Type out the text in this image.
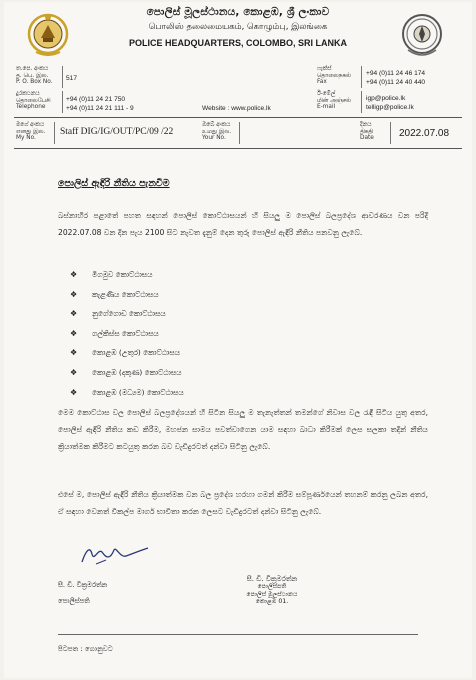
පොලිස් මූලස්ථානය, කොළඹ, ශ්‍රී ලංකාව
பொலிஸ் தலைமையகம், கொழும்பு, இலங்கை
POLICE HEADQUARTERS, COLOMBO, SRI LANKA
ත.පෙ. අංකය
த. பெ. இல.
P. O. Box No.
517
දුරකථනය
தொலைபேசி
Telephone
+94 (0)11 24 21 750
+94 (0)11 24 21 111 - 9	Website : www.police.lk
ෆැක්ස්
தொலைநகல்
Fax
+94 (0)11 24 46 174
+94 (0)11 24 40 440
ඊ-මේල්
மின் அஞ்சல்
E-mail
igp@police.lk
telligp@police.lk
මගේ අංකය
எனது இல.
My No.
Staff DIG/IG/OUT/PC/09 /22
ඔබේ අංකය
உமது இல.
Your No.
දිනය
திகதி
Date	2022.07.08
පොලිස් ඇඳිරි නීතිය පැනවීම
බස්නාහිර පළාතේ පහත සඳහන් පොලිස් කොට්ඨාසයන් හි සියලු ම පොලිස් බලප්‍රදේශ ආවරණය වන පරිදි 2022.07.08 වන දින පැය 2100 සිට නැවත දැනුම් දෙන තුරු පොලිස් ඇඳිරි නීතිය පනවනු ලැබේ.
❖ මීගමුව කොට්ඨාසය
❖ කැළණිය කොට්ඨාසය
❖ නුගේගොඩ කොට්ඨාසය
❖ ගල්කිස්ස කොට්ඨාසය
❖ කොළඹ (උතුර) කොට්ඨාසය
❖ කොළඹ (දකුණ) කොට්ඨාසය
❖ කොළඹ (මධ්‍යම) කොට්ඨාසය
මෙම කොට්ඨාස වල පොලිස් බලප්‍රදේශයන් හි සිටින සියලු ම තැනැත්තන් තමන්ගේ නිවාස වල රැඳී සිටිය යුතු අතර, පොලිස් ඇඳිරි නීතිය කඩ කිරීම, මහජන සාමය පවත්වාගෙන යාම සඳහා බාධා කිරීමක් ලෙස සලකා තදින් නීතිය ක්‍රියාත්මක කිරීමට කටයුතු කරන බව වැඩිදුරටත් දන්වා සිටිනු ලැබේ.
එසේ ම, පොලිස් ඇඳිරි නීතිය ක්‍රියාත්මක වන බල ප්‍රදේශ හරහා ගමන් කිරීම සම්පූර්ණයෙන් තහනම් කරනු ලබන අතර, ඒ සඳහා වෙනත් විකල්ප මාර්ග භාවිතා කරන ලෙසට වැඩිදුරටත් දන්වා සිටිනු ලැබේ.
සී. ඩී. වික්‍රමරත්න
පොලිස්පති
සී. ඩී. වික්‍රමරත්න
පොලිස්පති
පොලිස් මූලස්ථානය
කොළඹ 01.
පිටපත : ගොනුවට
